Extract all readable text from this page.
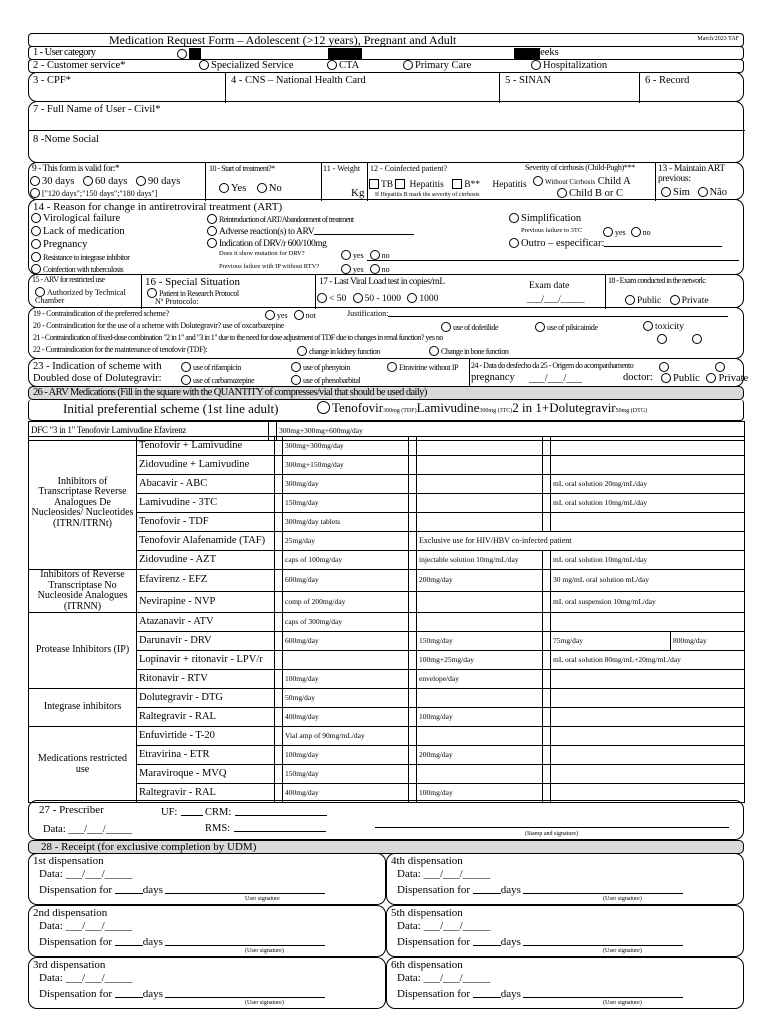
Medication Request Form – Adolescent (>12 years), Pregnant and Adult	March/2023 TAF
1 - User category
	Weeks
2 - Customer service*	Specialized Service	CTA	Primary Care	Hospitalization
3 - CPF*	4 - CNS – National Health Card	5 - SINAN	6 - Record
7 - Full Name of User - Civil*
8 -Nome Social
9 - This form is valid for:*
30 days 60 days 90 days
["120 days";"150 days";"180 days"]
10 - Start of treatment?*
Yes No
11 - Weight
Kg
12 - Coinfected patient?
TB Hepatitis B** Hepatitis
If Hepatitis B mark the severity of cirrhosis
Severity of cirrhosis (Child-Pugh)***
Without Cirrhosis Child A
Child B or C
13 - Maintain ART previous:
Sim Não
14 - Reason for change in antiretroviral treatment (ART)
Virological failure
Lack of medication
Pregnancy
Resistance to integrase inhibitor
Coinfection with tuberculosis
Reintroduction of ART/Abandonment of treatment
Adverse reaction(s) to ARV
Indication of DRV/r 600/100mg
Does it show mutation for DRV?	yes no
Previous failure with IP without RTV?	yes no
Simplification
Previous failure to 3TC	yes no
Outro – especificar:
15 - ARV for restricted use
Authorized by Technical Chamber
16 - Special Situation
Patient in Research Protocol
Nº Protocolo:
17 - Last Viral Load test in copies/mL
< 50 50 - 1000 1000
Exam date
___/___/_____
18 - Exam conducted in the network:
Public Private
19 - Contraindication of the preferred scheme?	yes not	Justification:
20 - Contraindication for the use of a scheme with Dolutegravir? use of oxcarbazepine	use of dofetilide	use of pilsicainide	toxicity
21 - Contraindication of fixed-dose combination "2 in 1" and "3 in 1" due to the need for dose adjustment of TDF due to changes in renal function? yes no

22 - Contraindication for the maintenance of tenofovir (TDF):	change in kidney function	Change in bone function
23 - Indication of scheme with
Doubled dose of Dolutegravir:
use of rifampicin	use of phenytoin	Etravirine without IP
use of carbamazepine	use of phenobarbital
24 - Data do desfecho da 25 - Origem do acompanhamento
pregnancy ___/___/___	doctor:	Public Private
26 - ARV Medications (Fill in the square with the QUANTITY of compresses/vial that should be used daily)
Initial preferential scheme (1st line adult)	Tenofovir300mg (TDF)Lamivudine300mg (3TC)2 in 1+Dolutegravir50mg (DTG)
DFC "3 in 1" Tenofovir Lamivudine Efavirenz		300mg+300mg+600mg/day
Inhibitors of Transcriptase Reverse Analogues De Nucleosides/ Nucleotides (ITRN/ITRNt)	Tenofovir + Lamivudine		300mg+300mg/day					
	Zidovudine + Lamivudine		300mg+150mg/day					
	Abacavir - ABC		300mg/day				mL oral solution 20mg/mL/day	
	Lamivudine - 3TC		150mg/day				mL oral solution 10mg/mL/day	
	Tenofovir - TDF		300mg/day tablets					
	Tenofovir Alafenamide (TAF)		25mg/day		Exclusive use for HIV/HBV co-infected patient			
	Zidovudine - AZT		caps of 100mg/day		injectable solution 10mg/mL/day		mL oral solution 10mg/mL/day	
Inhibitors of Reverse Transcriptase No Nucleoside Analogues (ITRNN)	Efavirenz - EFZ		600mg/day		200mg/day		30 mg/mL oral solution mL/day	
	Nevirapine - NVP		comp of 200mg/day				mL oral suspension 10mg/mL/day	
Protease Inhibitors (IP)	Atazanavir - ATV		caps of 300mg/day					
	Darunavir - DRV		600mg/day		150mg/day		75mg/day	800mg/day
	Lopinavir + ritonavir - LPV/r				100mg+25mg/day		mL oral solution 80mg/mL+20mg/mL/day	
	Ritonavir - RTV		100mg/day		envelope/day			
Integrase inhibitors	Dolutegravir - DTG		50mg/day					
	Raltegravir - RAL		400mg/day		100mg/day			
Medications restricted use	Enfuvirtide - T-20		Vial amp of 90mg/mL/day					
	Etravirina - ETR		100mg/day		200mg/day			
	Maraviroque - MVQ		150mg/day					
	Raltegravir - RAL		400mg/day		100mg/day			
27 - Prescriber	UF:	CRM:
Data: ___/___/_____	RMS:	(Stamp and signature)
28 - Receipt (for exclusive completion by UDM)
1st dispensation
Data: ___/___/_____
Dispensation for	days
User signature
4th dispensation
Data: ___/___/_____
Dispensation for	days
(User signature)
2nd dispensation
Data: ___/___/_____
Dispensation for	days
(User signature)
5th dispensation
Data: ___/___/_____
Dispensation for	days
(User signature)
3rd dispensation
Data: ___/___/_____
Dispensation for	days
(User signature)
6th dispensation
Data: ___/___/_____
Dispensation for	days
(User signature)
